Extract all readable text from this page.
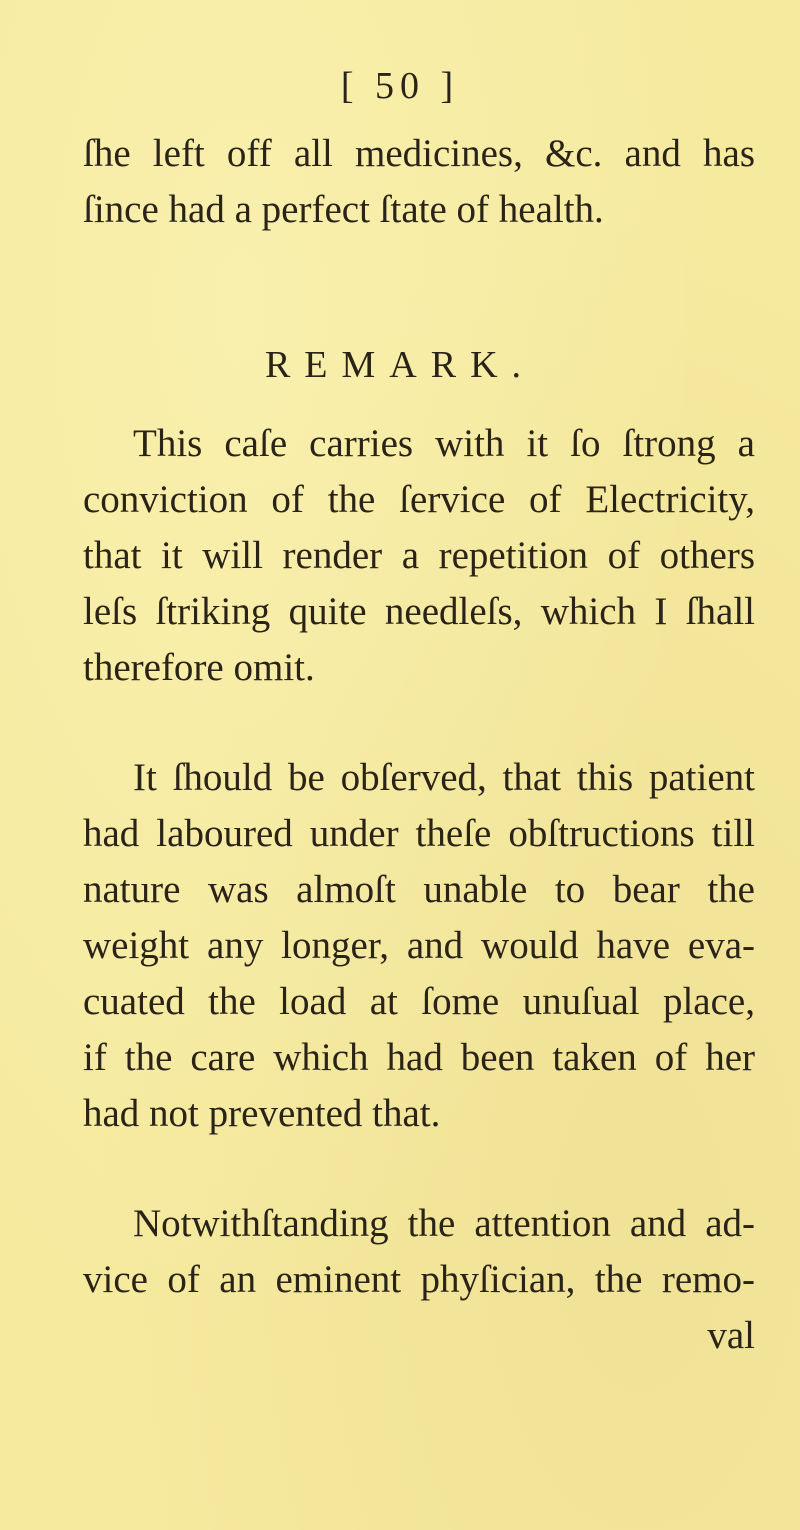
[ 50 ]
ſhe left off all medicines, &c. and has
ſince had a perfect ſtate of health.
REMARK.
This caſe carries with it ſo ſtrong a
conviction of the ſervice of Electricity,
that it will render a repetition of others
leſs ſtriking quite needleſs, which I ſhall
therefore omit.
It ſhould be obſerved, that this patient
had laboured under theſe obſtructions till
nature was almoſt unable to bear the
weight any longer, and would have eva-
cuated the load at ſome unuſual place,
if the care which had been taken of her
had not prevented that.
Notwithſtanding the attention and ad-
vice of an eminent phyſician, the remo-
val
